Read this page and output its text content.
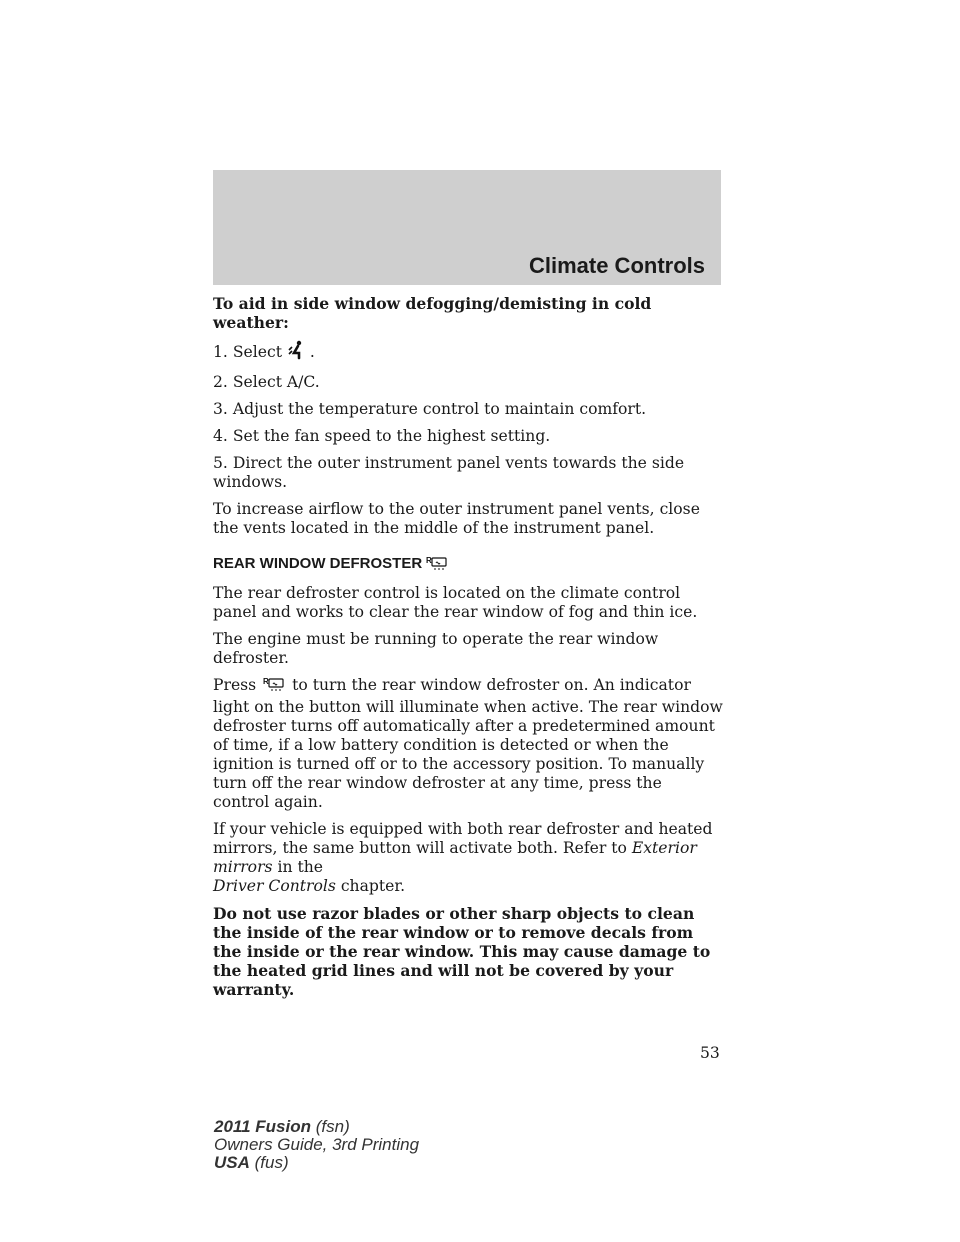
Climate Controls

To aid in side window defogging/demisting in cold weather:

1. Select .

2. Select A/C.

3. Adjust the temperature control to maintain comfort.

4. Set the fan speed to the highest setting.

5. Direct the outer instrument panel vents towards the side windows.

To increase airflow to the outer instrument panel vents, close the vents located in the middle of the instrument panel.

REAR WINDOW DEFROSTER R

The rear defroster control is located on the climate control panel and works to clear the rear window of fog and thin ice.

The engine must be running to operate the rear window defroster.

Press R to turn the rear window defroster on. An indicator light on the button will illuminate when active. The rear window defroster turns off automatically after a predetermined amount of time, if a low battery condition is detected or when the ignition is turned off or to the accessory position. To manually turn off the rear window defroster at any time, press the control again.

If your vehicle is equipped with both rear defroster and heated mirrors, the same button will activate both. Refer to Exterior mirrors in the
Driver Controls chapter.

Do not use razor blades or other sharp objects to clean the inside of the rear window or to remove decals from the inside or the rear window. This may cause damage to the heated grid lines and will not be covered by your warranty.

53
2011 Fusion (fsn)
Owners Guide, 3rd Printing
USA (fus)
